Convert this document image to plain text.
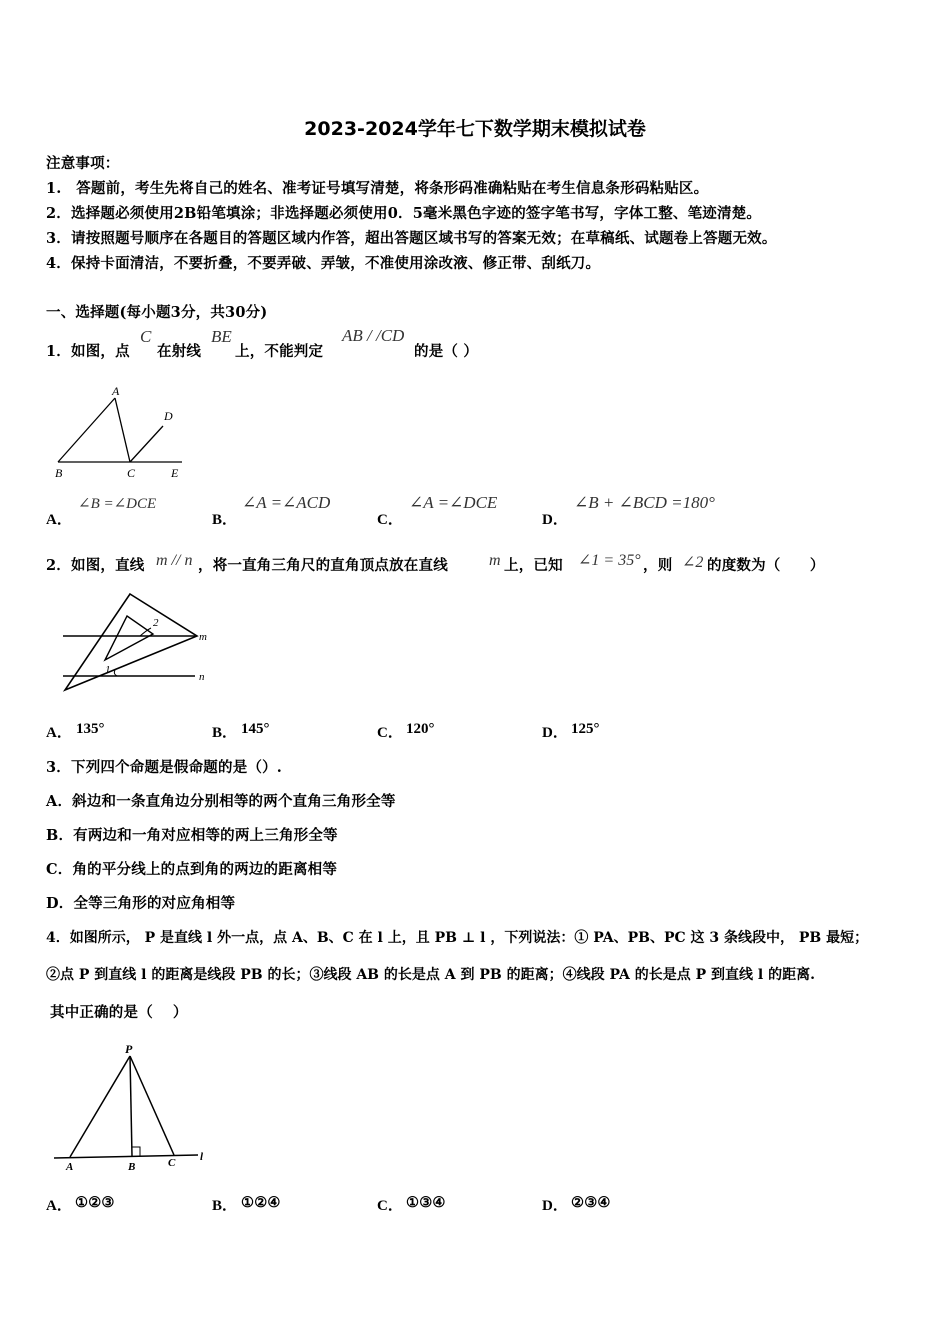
2023-2024学年七下数学期末模拟试卷
注意事项：
1.　答题前，考生先将自己的姓名、准考证号填写清楚，将条形码准确粘贴在考生信息条形码粘贴区。
2．选择题必须使用2B铅笔填涂；非选择题必须使用0．5毫米黑色字迹的签字笔书写，字体工整、笔迹清楚。
3．请按照题号顺序在各题目的答题区域内作答，超出答题区域书写的答案无效；在草稿纸、试题卷上答题无效。
4．保持卡面清洁，不要折叠，不要弄破、弄皱，不准使用涂改液、修正带、刮纸刀。
一、选择题(每小题3分，共30分)
1．如图，点
C
在射线
BE
上，不能判定
AB / /CD
的是（ ）
A
B	C
D
E
A．
∠B =∠DCE
B．
∠A =∠ACD
C．
∠A =∠DCE
D．
∠B + ∠BCD =180°
2．如图，直线 m // n ，将一直角三角尺的直角顶点放在直线	m 上，已知 ∠1 = 35° ，则 ∠2 的度数为（　　）
2
1
m
n
A． 135°	B． 145°	C． 120°	D． 125°
3．下列四个命题是假命题的是（）.
A．斜边和一条直角边分别相等的两个直角三角形全等
B．有两边和一角对应相等的两上三角形全等
C．角的平分线上的点到角的两边的距离相等
D．全等三角形的对应角相等
4．如图所示， P 是直线 l 外一点，点 A、B、C 在 l 上，且 PB ⊥ l ，下列说法：① PA、PB、PC 这 3 条线段中， PB 最短；
②点 P 到直线 l 的距离是线段 PB 的长；③线段 AB 的长是点 A 到 PB 的距离；④线段 PA 的长是点 P 到直线 l 的距离.
其中正确的是（　 ）
P
A	B	C l
A． ①②③	B． ①②④	C． ①③④	D． ②③④
